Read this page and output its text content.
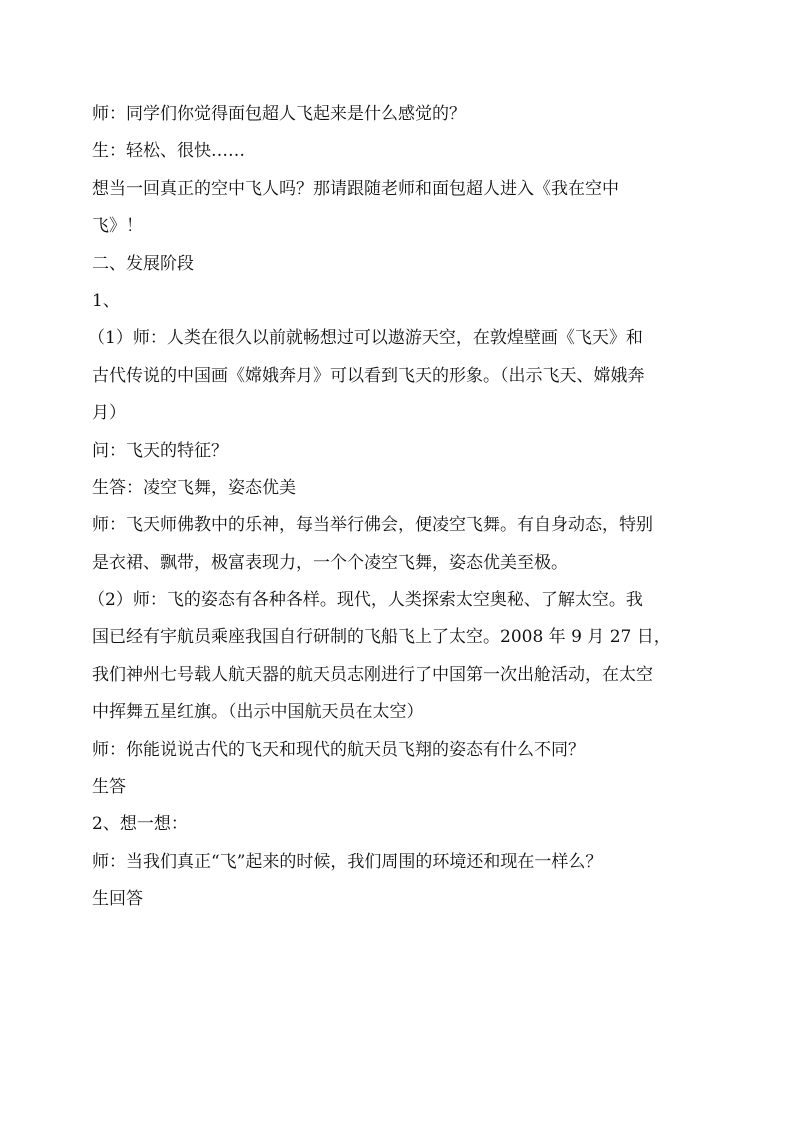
师：同学们你觉得面包超人飞起来是什么感觉的？
生：轻松、很快……
想当一回真正的空中飞人吗？那请跟随老师和面包超人进入《我在空中
飞》！
二、发展阶段
1、
（1）师：人类在很久以前就畅想过可以遨游天空，在敦煌壁画《飞天》和
古代传说的中国画《嫦娥奔月》可以看到飞天的形象。（出示飞天、嫦娥奔
月）
问：飞天的特征？
生答：凌空飞舞，姿态优美
师：飞天师佛教中的乐神，每当举行佛会，便凌空飞舞。有自身动态，特别
是衣裙、飘带，极富表现力，一个个凌空飞舞，姿态优美至极。
（2）师：飞的姿态有各种各样。现代，人类探索太空奥秘、了解太空。我
国已经有宇航员乘座我国自行研制的飞船飞上了太空。2008 年 9 月 27 日，
我们神州七号载人航天器的航天员志刚进行了中国第一次出舱活动，在太空
中挥舞五星红旗。（出示中国航天员在太空）
师：你能说说古代的飞天和现代的航天员飞翔的姿态有什么不同？
生答
2、想一想：
师：当我们真正“飞”起来的时候，我们周围的环境还和现在一样么？
生回答
